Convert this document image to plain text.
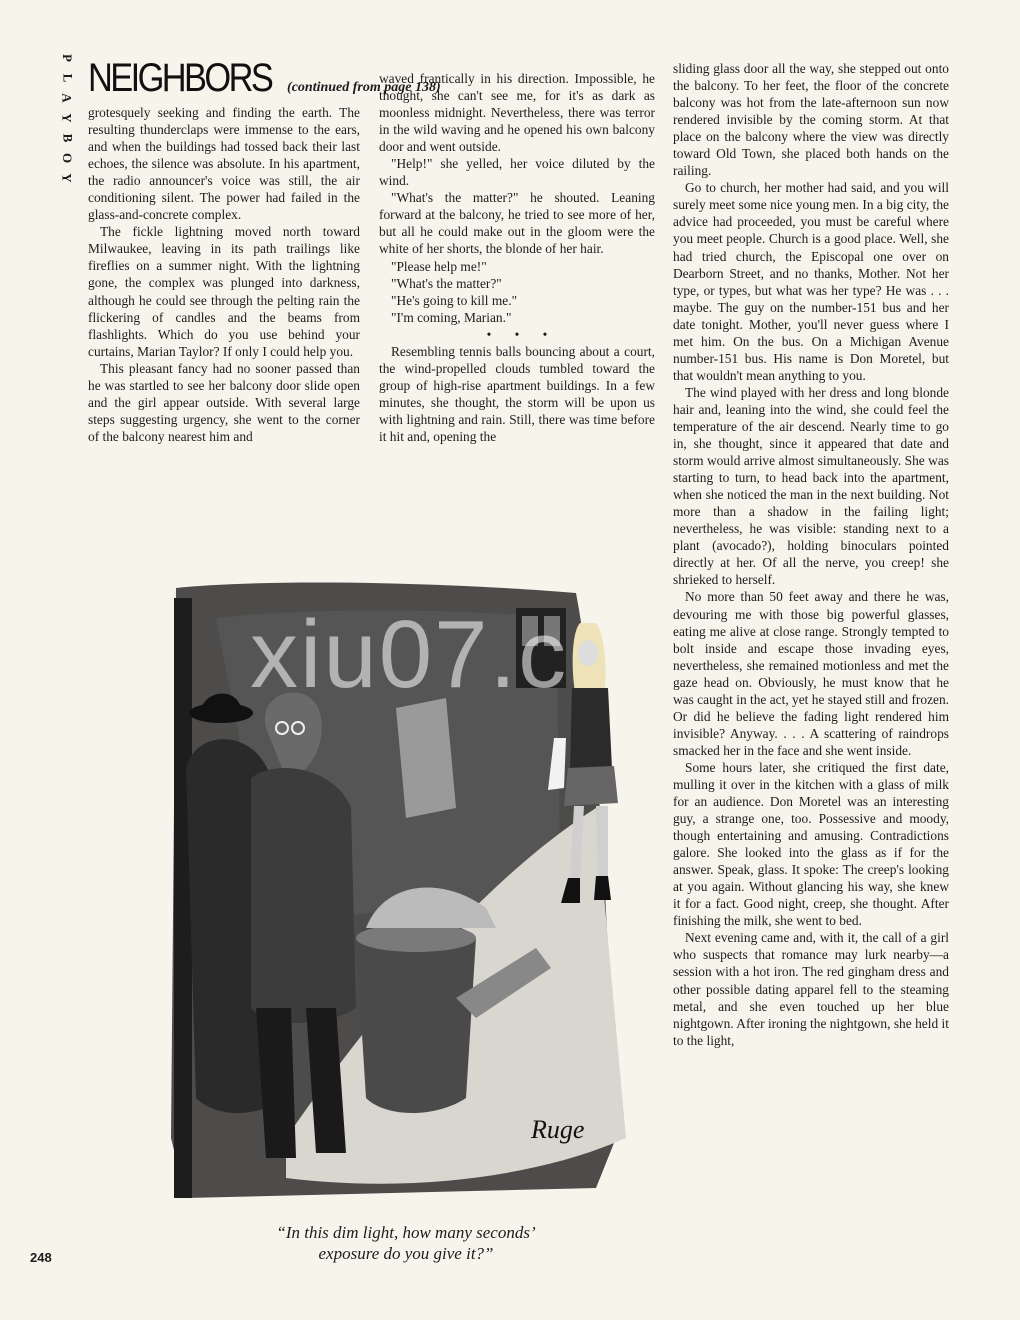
P
L
A
Y
B
O
Y
NEIGHBORS (continued from page 138)

grotesquely seeking and finding the earth. The resulting thunderclaps were immense to the ears, and when the buildings had tossed back their last echoes, the silence was absolute. In his apartment, the radio announcer's voice was still, the air conditioning silent. The power had failed in the glass-and-concrete complex.

The fickle lightning moved north toward Milwaukee, leaving in its path trailings like fireflies on a summer night. With the lightning gone, the complex was plunged into darkness, although he could see through the pelting rain the flickering of candles and the beams from flashlights. Which do you use behind your curtains, Marian Taylor? If only I could help you.

This pleasant fancy had no sooner passed than he was startled to see her balcony door slide open and the girl appear outside. With several large steps suggesting urgency, she went to the corner of the balcony nearest him and

waved frantically in his direction. Impossible, he thought, she can't see me, for it's as dark as moonless midnight. Nevertheless, there was terror in the wild waving and he opened his own balcony door and went outside.

"Help!" she yelled, her voice diluted by the wind.

"What's the matter?" he shouted. Leaning forward at the balcony, he tried to see more of her, but all he could make out in the gloom were the white of her shorts, the blonde of her hair.

"Please help me!"

"What's the matter?"

"He's going to kill me."

"I'm coming, Marian."

• • •

Resembling tennis balls bouncing about a court, the wind-propelled clouds tumbled toward the group of high-rise apartment buildings. In a few minutes, she thought, the storm will be upon us with lightning and rain. Still, there was time before it hit and, opening the

sliding glass door all the way, she stepped out onto the balcony. To her feet, the floor of the concrete balcony was hot from the late-afternoon sun now rendered invisible by the coming storm. At that place on the balcony where the view was directly toward Old Town, she placed both hands on the railing.

Go to church, her mother had said, and you will surely meet some nice young men. In a big city, the advice had proceeded, you must be careful where you meet people. Church is a good place. Well, she had tried church, the Episcopal one over on Dearborn Street, and no thanks, Mother. Not her type, or types, but what was her type? He was . . . maybe. The guy on the number-151 bus and her date tonight. Mother, you'll never guess where I met him. On the bus. On a Michigan Avenue number-151 bus. His name is Don Moretel, but that wouldn't mean anything to you.

The wind played with her dress and long blonde hair and, leaning into the wind, she could feel the temperature of the air descend. Nearly time to go in, she thought, since it appeared that date and storm would arrive almost simultaneously. She was starting to turn, to head back into the apartment, when she noticed the man in the next building. Not more than a shadow in the failing light; nevertheless, he was visible: standing next to a plant (avocado?), holding binoculars pointed directly at her. Of all the nerve, you creep! she shrieked to herself.

No more than 50 feet away and there he was, devouring me with those big powerful glasses, eating me alive at close range. Strongly tempted to bolt inside and escape those invading eyes, nevertheless, she remained motionless and met the gaze head on. Obviously, he must know that he was caught in the act, yet he stayed still and frozen. Or did he believe the fading light rendered him invisible? Anyway. . . . A scattering of raindrops smacked her in the face and she went inside.

Some hours later, she critiqued the first date, mulling it over in the kitchen with a glass of milk for an audience. Don Moretel was an interesting guy, a strange one, too. Possessive and moody, though entertaining and amusing. Contradictions galore. She looked into the glass as if for the answer. Speak, glass. It spoke: The creep's looking at you again. Without glancing his way, she knew it for a fact. Good night, creep, she thought. After finishing the milk, she went to bed.

Next evening came and, with it, the call of a girl who suspects that romance may lurk nearby—a session with a hot iron. The red gingham dress and other possible dating apparel fell to the steaming metal, and she even touched up her blue nightgown. After ironing the nightgown, she held it to the light,

Ruge
xiu07.c
“In this dim light, how many seconds’
exposure do you give it?”
248
